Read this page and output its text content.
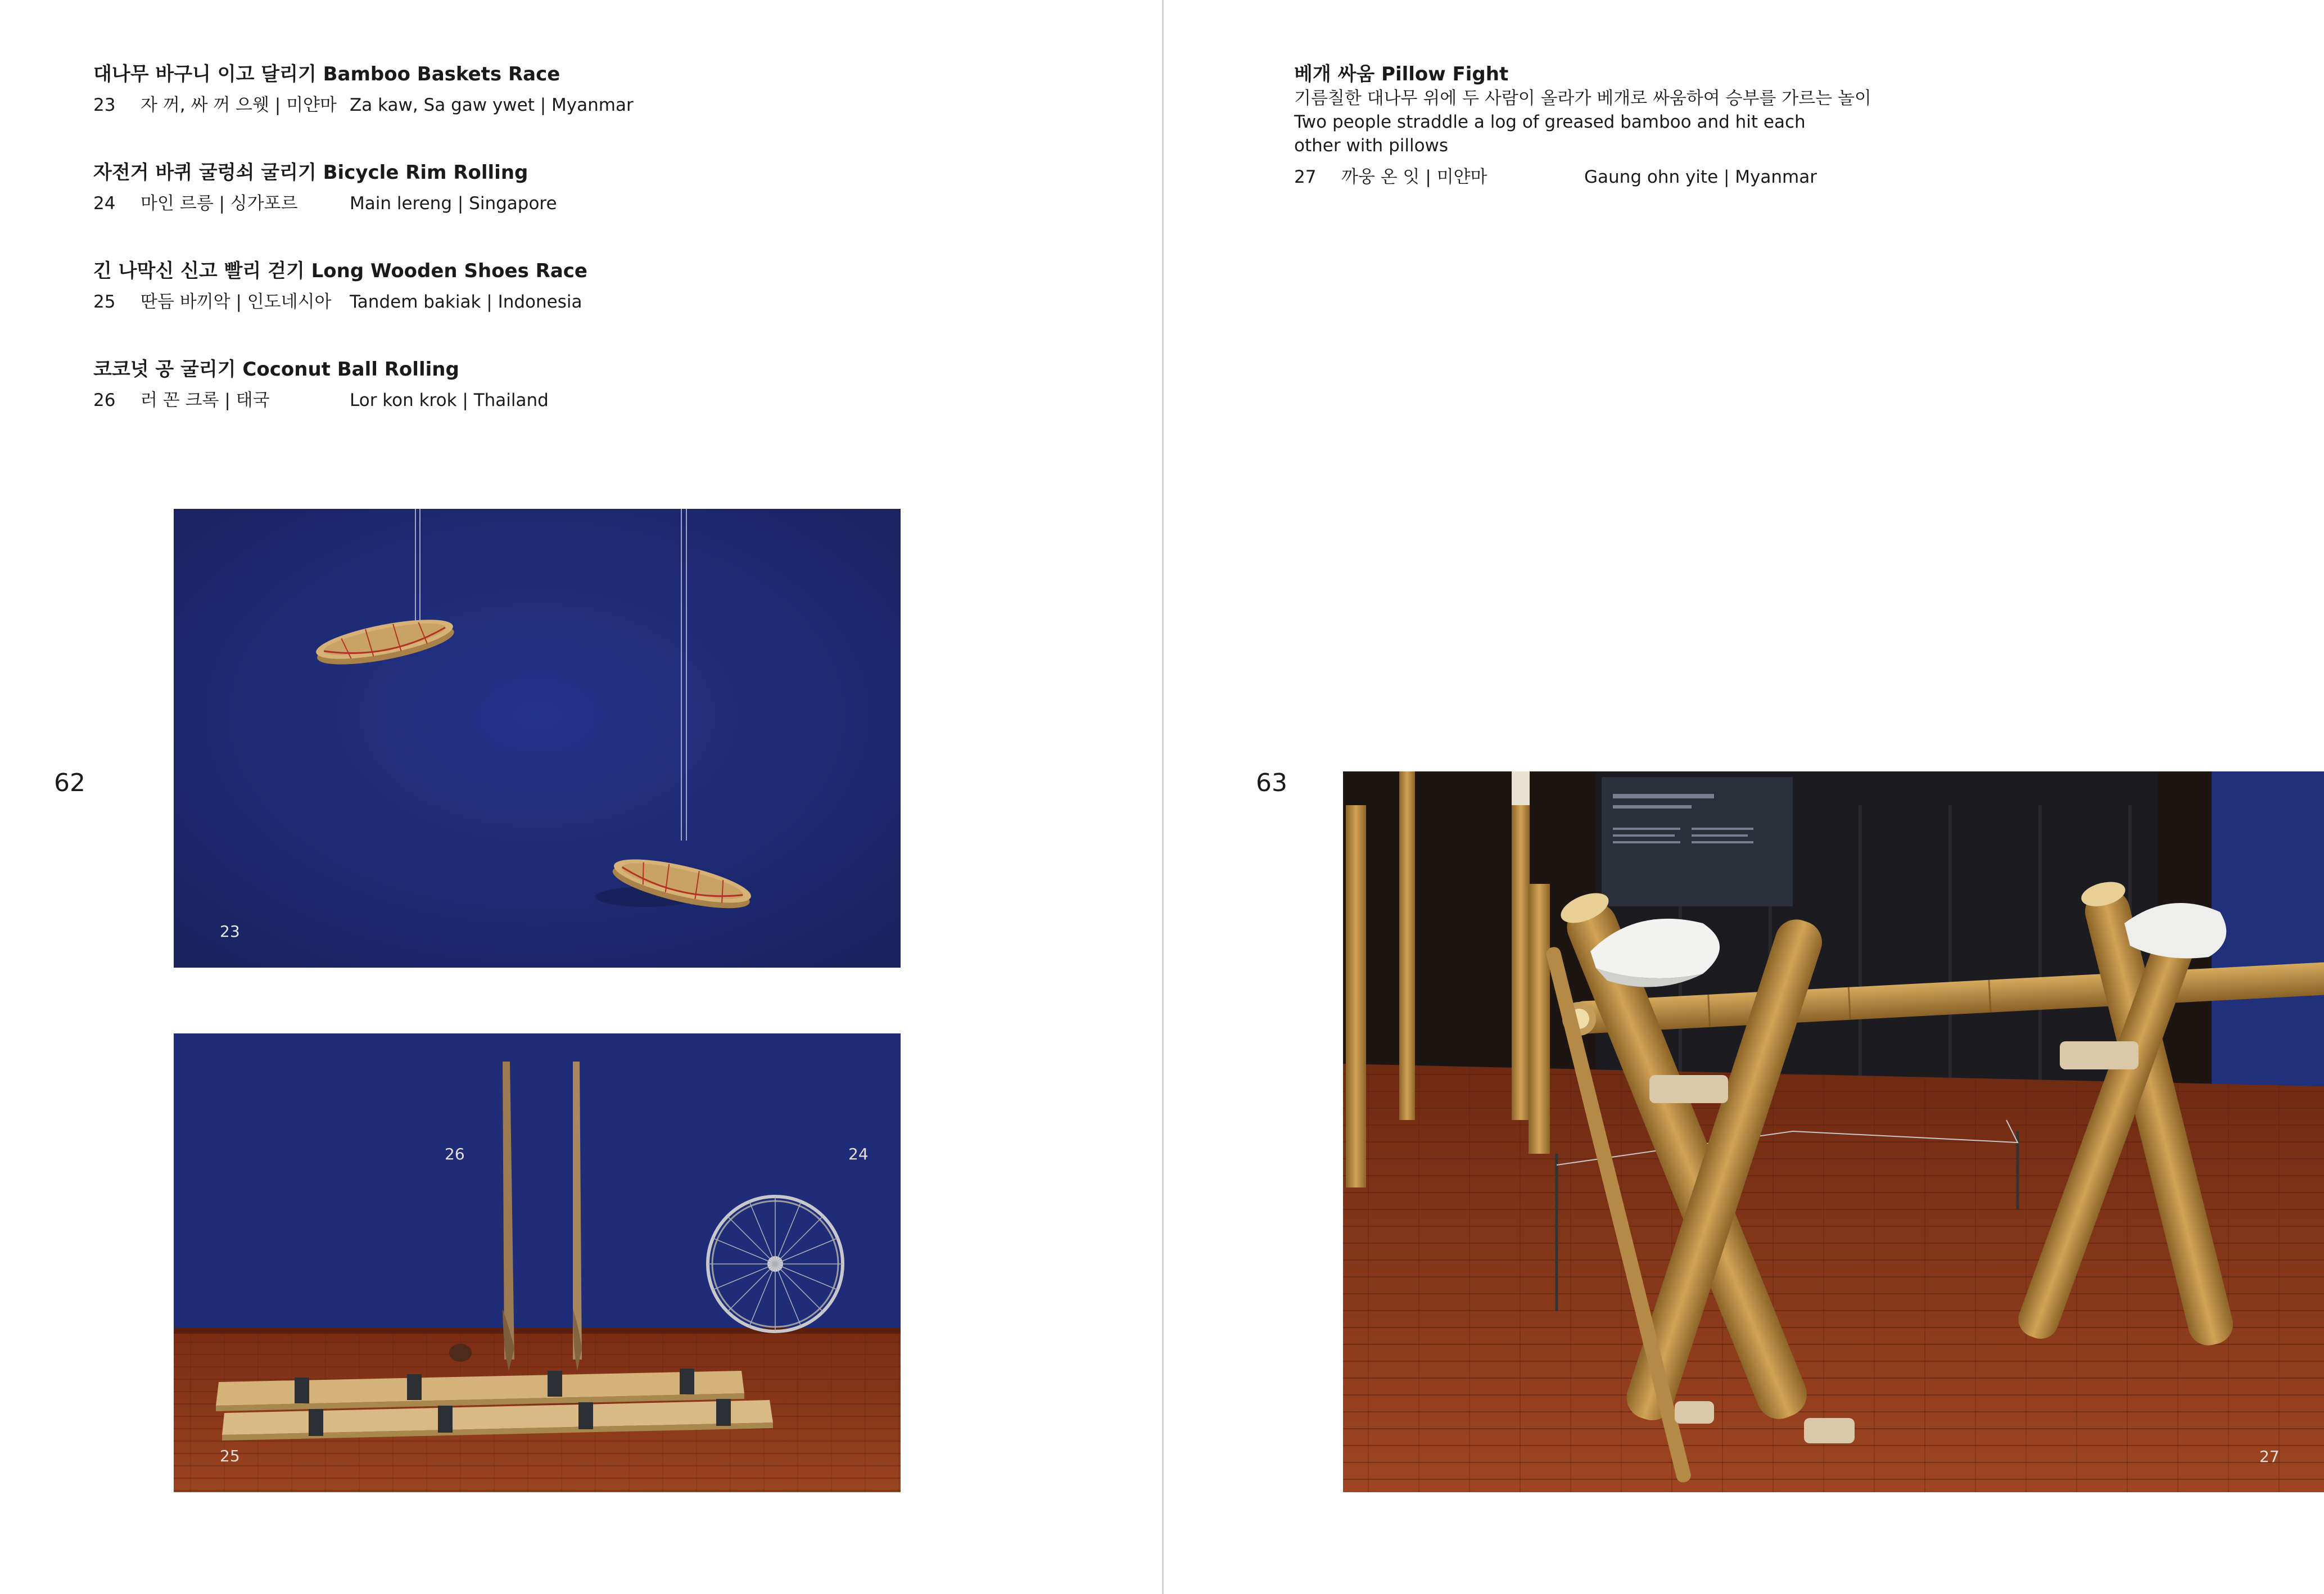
대나무 바구니 이고 달리기 Bamboo Baskets Race
23 자 꺼, 싸 꺼 으웻 | 미얀마 Za kaw, Sa gaw ywet | Myanmar
자전거 바퀴 굴렁쇠 굴리기 Bicycle Rim Rolling
24 마인 르릉 | 싱가포르	Main lereng | Singapore
긴 나막신 신고 빨리 걷기 Long Wooden Shoes Race
25 딴듬 바끼악 | 인도네시아 Tandem bakiak | Indonesia
코코넛 공 굴리기 Coconut Ball Rolling
26 러 꼰 크록 | 태국	Lor kon krok | Thailand
62
23
26	24
25
베개 싸움 Pillow Fight
기름칠한 대나무 위에 두 사람이 올라가 베개로 싸움하여 승부를 가르는 놀이
Two people straddle a log of greased bamboo and hit each
other with pillows
27 까웅 온 잇 | 미얀마	Gaung ohn yite | Myanmar
63
27
